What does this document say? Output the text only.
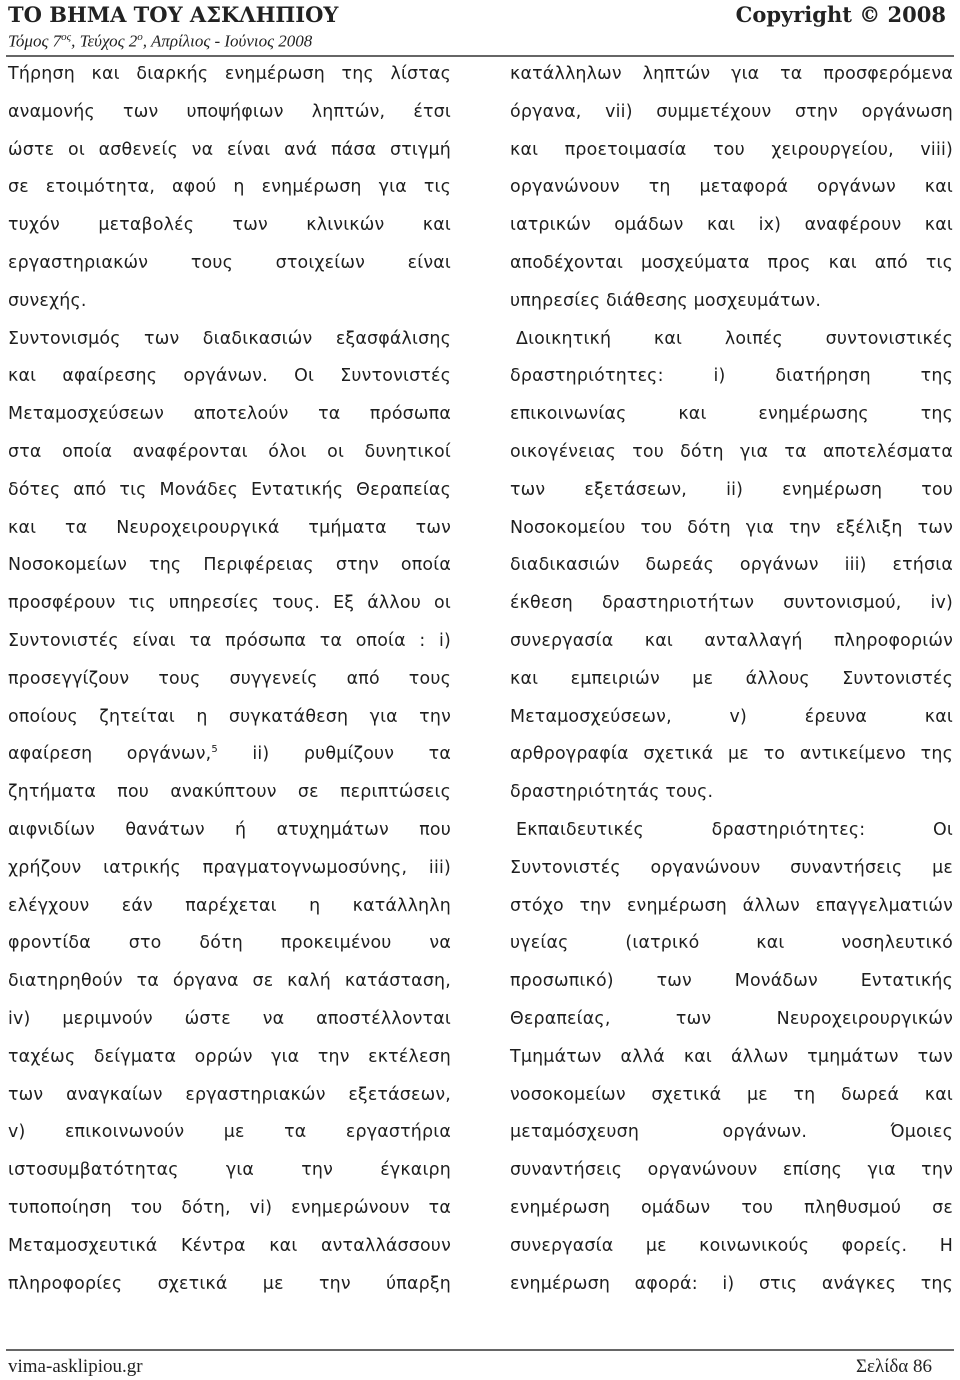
ΤΟ ΒΗΜΑ ΤΟΥ ΑΣΚΛΗΠΙΟΥ
Τόμος $7^{o\varsigma}$, Τεύχος $2^o$, Απρίλιος - Ιούνιος 2008
Copyright © 2008
Τήρηση και διαρκής ενημέρωση της λίστας
αναμονής των υποψήφιων ληπτών, έτσι
ώστε οι ασθενείς να είναι ανά πάσα στιγμή
σε ετοιμότητα, αφού η ενημέρωση για τις
τυχόν μεταβολές των κλινικών και
εργαστηριακών τους στοιχείων είναι
συνεχής.
Συντονισμός των διαδικασιών εξασφάλισης
και αφαίρεσης οργάνων. Οι Συντονιστές
Μεταμοσχεύσεων αποτελούν τα πρόσωπα
στα οποία αναφέρονται όλοι οι δυνητικοί
δότες από τις Μονάδες Εντατικής Θεραπείας
και τα Νευροχειρουργικά τμήματα των
Νοσοκομείων της Περιφέρειας στην οποία
προσφέρουν τις υπηρεσίες τους. Εξ άλλου οι
Συντονιστές είναι τα πρόσωπα τα οποία : i)
προσεγγίζουν τους συγγενείς από τους
οποίους ζητείται η συγκατάθεση για την
αφαίρεση οργάνων,$^5$ ii) ρυθμίζουν τα
ζητήματα που ανακύπτουν σε περιπτώσεις
αιφνιδίων θανάτων ή ατυχημάτων που
χρήζουν ιατρικής πραγματογνωμοσύνης, iii)
ελέγχουν εάν παρέχεται η κατάλληλη
φροντίδα στο δότη προκειμένου να
διατηρηθούν τα όργανα σε καλή κατάσταση,
iv) μεριμνούν ώστε να αποστέλλονται
ταχέως δείγματα ορρών για την εκτέλεση
των αναγκαίων εργαστηριακών εξετάσεων,
v) επικοινωνούν με τα εργαστήρια
ιστοσυμβατότητας για την έγκαιρη
τυποποίηση του δότη, vi) ενημερώνουν τα
Μεταμοσχευτικά Κέντρα και ανταλλάσσουν
πληροφορίες σχετικά με την ύπαρξη
κατάλληλων ληπτών για τα προσφερόμενα
όργανα, vii) συμμετέχουν στην οργάνωση
και προετοιμασία του χειρουργείου, viii)
οργανώνουν τη μεταφορά οργάνων και
ιατρικών ομάδων και ix) αναφέρουν και
αποδέχονται μοσχεύματα προς και από τις
υπηρεσίες διάθεσης μοσχευμάτων.
Διοικητική και λοιπές συντονιστικές
δραστηριότητες: i) διατήρηση της
επικοινωνίας και ενημέρωσης της
οικογένειας του δότη για τα αποτελέσματα
των εξετάσεων, ii) ενημέρωση του
Νοσοκομείου του δότη για την εξέλιξη των
διαδικασιών δωρεάς οργάνων iii) ετήσια
έκθεση δραστηριοτήτων συντονισμού, iv)
συνεργασία και ανταλλαγή πληροφοριών
και εμπειριών με άλλους Συντονιστές
Μεταμοσχεύσεων, v) έρευνα και
αρθρογραφία σχετικά με το αντικείμενο της
δραστηριότητάς τους.
Εκπαιδευτικές δραστηριότητες: Οι
Συντονιστές οργανώνουν συναντήσεις με
στόχο την ενημέρωση άλλων επαγγελματιών
υγείας (ιατρικό και νοσηλευτικό
προσωπικό) των Μονάδων Εντατικής
Θεραπείας, των Νευροχειρουργικών
Τμημάτων αλλά και άλλων τμημάτων των
νοσοκομείων σχετικά με τη δωρεά και
μεταμόσχευση οργάνων. Όμοιες
συναντήσεις οργανώνουν επίσης για την
ενημέρωση ομάδων του πληθυσμού σε
συνεργασία με κοινωνικούς φορείς. Η
ενημέρωση αφορά: i) στις ανάγκες της
vima-asklipiou.gr	Σελίδα 86
